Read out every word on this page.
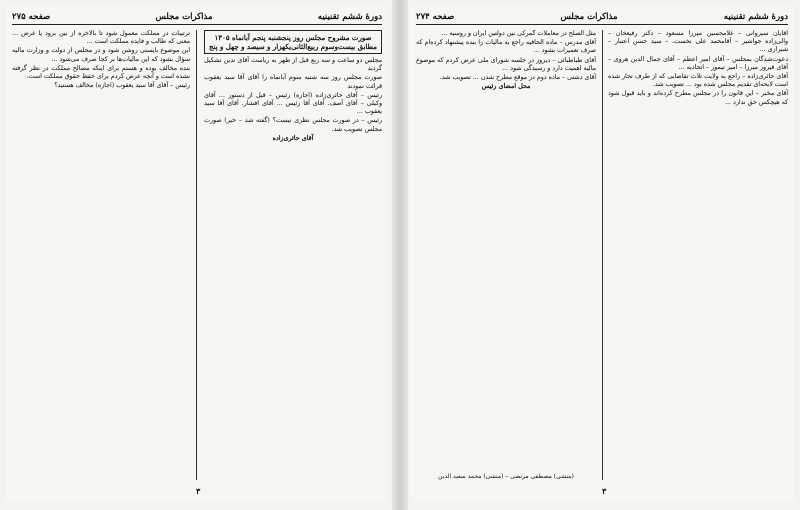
دورهٔ ششم تقنینیه
مذاکرات مجلس
صفحه ۲۷۵
صورت مشروح مجلس روز پنجشنبه پنجم آبانماه ۱۳۰۵ مطابق بیست‌وسوم ربیع‌الثانی‌یکهزار و سیصد و چهل و پنج

مجلس دو ساعت و سه ربع قبل از ظهر به ریاست آقای تدین تشکیل گردید

صورت مجلس روز سه شنبه سوم آبانماه را آقای آقا سید یعقوب قرائت نمودند

رئیس – آقای حائری‌زاده (اجازه) رئیس – قبل از دستور ... آقای وکیلی – آقای آصف. آقای آقا رئیس ... آقای افشار. آقای آقا سید یعقوب ...

رئیس – در صورت مجلس نظری نیست؟ (گفته شد – خیر) صورت مجلس تصویب شد.

آقای حائری‌زاده

ترتیبات در مملکت معمول شود تا بالاخره از بین برود یا غرض ... معنی که طالب و فایده مملکت است ...

این موضوع بایستی روشن شود و در مجلس از دولت و وزارت مالیه سؤال بشود که این مالیات‌ها بر کجا صرف می‌شود ...

بنده مخالف بوده و هستم برای اینکه مصالح مملکت در نظر گرفته نشده است و آنچه عرض کردم برای حفظ حقوق مملکت است.

رئیس – آقای آقا سید یعقوب (اجازه) مخالف هستید؟

۳
دورهٔ ششم تقنینیه
مذاکرات مجلس
صفحه ۲۷۴

آقایان سیروانی – غلامحسین میرزا مسعود – دکتر رفیعخان – والی‌زاده جواشیر – آقامحمد علی نخست. – سید حسن اعتبار – شیرازی ...

دعوت‌شدگان بمجلس – آقای امیر اعظم – آقای جمال الدین هروی – آقای فیروز میرزا – امیر تیمور – اتحادیه ...

آقای حائری‌زاده – راجع به ولایت ثلاث تقاضایی که از طرف تجار شده است لایحه‌ای تقدیم مجلس شده بود ... تصویب شد.

آقای مخبر – این قانون را در مجلس مطرح کرده‌اند و باید قبول شود که هیچکس حق ندارد ...

مثل الصلح در معاملات گمرکی بین دولتین ایران و روسیه ...

آقای مدرس – ماده الحاقیه راجع به مالیات را بنده پیشنهاد کرده‌ام که صرف تعمیرات بشود ...

آقای طباطبائی – دیروز در جلسه شورای ملی عرض کردم که موضوع مالیه اهمیت دارد و رسیدگی شود ...

آقای دشتی – ماده دوم در موقع مطرح شدن ... تصویب شد.

محل امضای رئیس

(منشی) مصطفی مرتضی – (منشی) محمد سعید الدین
۳
